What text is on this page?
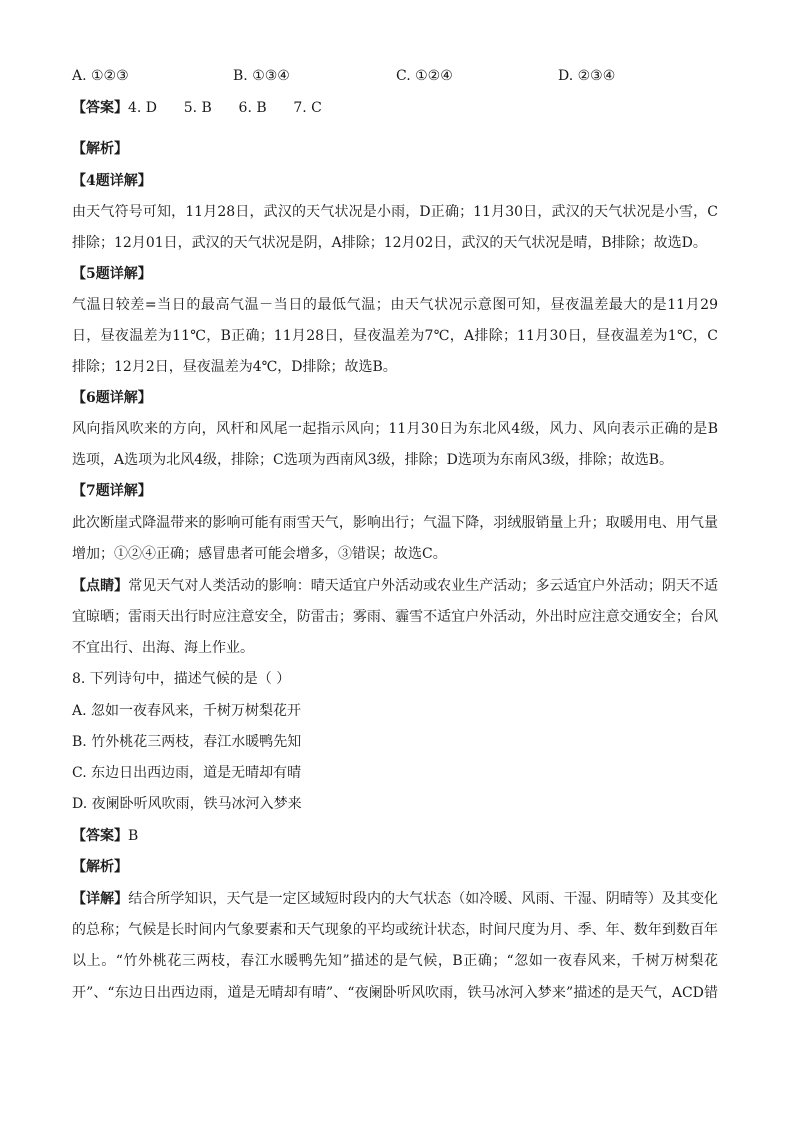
A. ①②③	B. ①③④	C. ①②④	D. ②③④
【答案】4. D      5. B      6. B      7. C
【解析】
【4题详解】
由天气符号可知，11月28日，武汉的天气状况是小雨，D正确；11月30日，武汉的天气状况是小雪，C
排除；12月01日，武汉的天气状况是阴，A排除；12月02日，武汉的天气状况是晴，B排除；故选D。
【5题详解】
气温日较差=当日的最高气温－当日的最低气温；由天气状况示意图可知，昼夜温差最大的是11月29
日，昼夜温差为11℃，B正确；11月28日，昼夜温差为7℃，A排除；11月30日，昼夜温差为1℃，C
排除；12月2日，昼夜温差为4℃，D排除；故选B。
【6题详解】
风向指风吹来的方向，风杆和风尾一起指示风向；11月30日为东北风4级，风力、风向表示正确的是B
选项，A选项为北风4级，排除；C选项为西南风3级，排除；D选项为东南风3级，排除；故选B。
【7题详解】
此次断崖式降温带来的影响可能有雨雪天气，影响出行；气温下降，羽绒服销量上升；取暖用电、用气量
增加；①②④正确；感冒患者可能会增多，③错误；故选C。
【点睛】常见天气对人类活动的影响：晴天适宜户外活动或农业生产活动；多云适宜户外活动；阴天不适
宜晾晒；雷雨天出行时应注意安全，防雷击；雾雨、霾雪不适宜户外活动，外出时应注意交通安全；台风
不宜出行、出海、海上作业。
8. 下列诗句中，描述气候的是（ ）
A. 忽如一夜春风来，千树万树梨花开
B. 竹外桃花三两枝，春江水暖鸭先知
C. 东边日出西边雨，道是无晴却有晴
D. 夜阑卧听风吹雨，铁马冰河入梦来
【答案】B
【解析】
【详解】结合所学知识，天气是一定区域短时段内的大气状态（如冷暖、风雨、干湿、阴晴等）及其变化
的总称；气候是长时间内气象要素和天气现象的平均或统计状态，时间尺度为月、季、年、数年到数百年
以上。“竹外桃花三两枝，春江水暖鸭先知”描述的是气候，B正确；“忽如一夜春风来，千树万树梨花
开”、“东边日出西边雨，道是无晴却有晴”、“夜阑卧听风吹雨，铁马冰河入梦来”描述的是天气，ACD错
